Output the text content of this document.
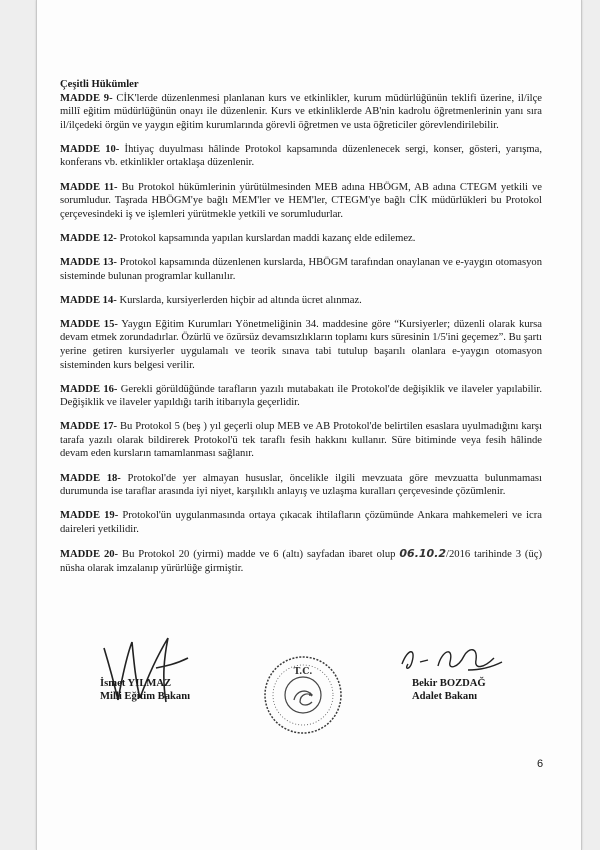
Çeşitli Hükümler

MADDE 9- CİK'lerde düzenlenmesi planlanan kurs ve etkinlikler, kurum müdürlüğünün teklifi üzerine, il/ilçe millî eğitim müdürlüğünün onayı ile düzenlenir. Kurs ve etkinliklerde AB'nin kadrolu öğretmenlerinin yanı sıra il/ilçedeki örgün ve yaygın eğitim kurumlarında görevli öğretmen ve usta öğreticiler görevlendirilebilir.

MADDE 10- İhtiyaç duyulması hâlinde Protokol kapsamında düzenlenecek sergi, konser, gösteri, yarışma, konferans vb. etkinlikler ortaklaşa düzenlenir.

MADDE 11- Bu Protokol hükümlerinin yürütülmesinden MEB adına HBÖGM, AB adına CTEGM yetkili ve sorumludur. Taşrada HBÖGM'ye bağlı MEM'ler ve HEM'ler, CTEGM'ye bağlı CİK müdürlükleri bu Protokol çerçevesindeki iş ve işlemleri yürütmekle yetkili ve sorumludurlar.

MADDE 12- Protokol kapsamında yapılan kurslardan maddi kazanç elde edilemez.

MADDE 13- Protokol kapsamında düzenlenen kurslarda, HBÖGM tarafından onaylanan ve e-yaygın otomasyon sisteminde bulunan programlar kullanılır.

MADDE 14- Kurslarda, kursiyerlerden hiçbir ad altında ücret alınmaz.

MADDE 15- Yaygın Eğitim Kurumları Yönetmeliğinin 34. maddesine göre “Kursiyerler; düzenli olarak kursa devam etmek zorundadırlar. Özürlü ve özürsüz devamsızlıkların toplamı kurs süresinin 1/5'ini geçemez”. Bu şartı yerine getiren kursiyerler uygulamalı ve teorik sınava tabi tutulup başarılı olanlara e-yaygın otomasyon sisteminden kurs belgesi verilir.

MADDE 16- Gerekli görüldüğünde tarafların yazılı mutabakatı ile Protokol'de değişiklik ve ilaveler yapılabilir. Değişiklik ve ilaveler yapıldığı tarih itibarıyla geçerlidir.

MADDE 17- Bu Protokol 5 (beş ) yıl geçerli olup MEB ve AB Protokol'de belirtilen esaslara uyulmadığını karşı tarafa yazılı olarak bildirerek Protokol'ü tek taraflı fesih hakkını kullanır. Süre bitiminde veya fesih hâlinde devam eden kursların tamamlanması sağlanır.

MADDE 18- Protokol'de yer almayan hususlar, öncelikle ilgili mevzuata göre mevzuatta bulunmaması durumunda ise taraflar arasında iyi niyet, karşılıklı anlayış ve uzlaşma kuralları çerçevesinde çözümlenir.

MADDE 19- Protokol'ün uygulanmasında ortaya çıkacak ihtilafların çözümünde Ankara mahkemeleri ve icra daireleri yetkilidir.

MADDE 20- Bu Protokol 20 (yirmi) madde ve 6 (altı) sayfadan ibaret olup 06.10.2/2016 tarihinde 3 (üç) nüsha olarak imzalanıp yürürlüğe girmiştir.

İsmet YILMAZ
Milli Eğitim Bakanı
T.C.
Bekir BOZDAĞ
Adalet Bakanı
6
